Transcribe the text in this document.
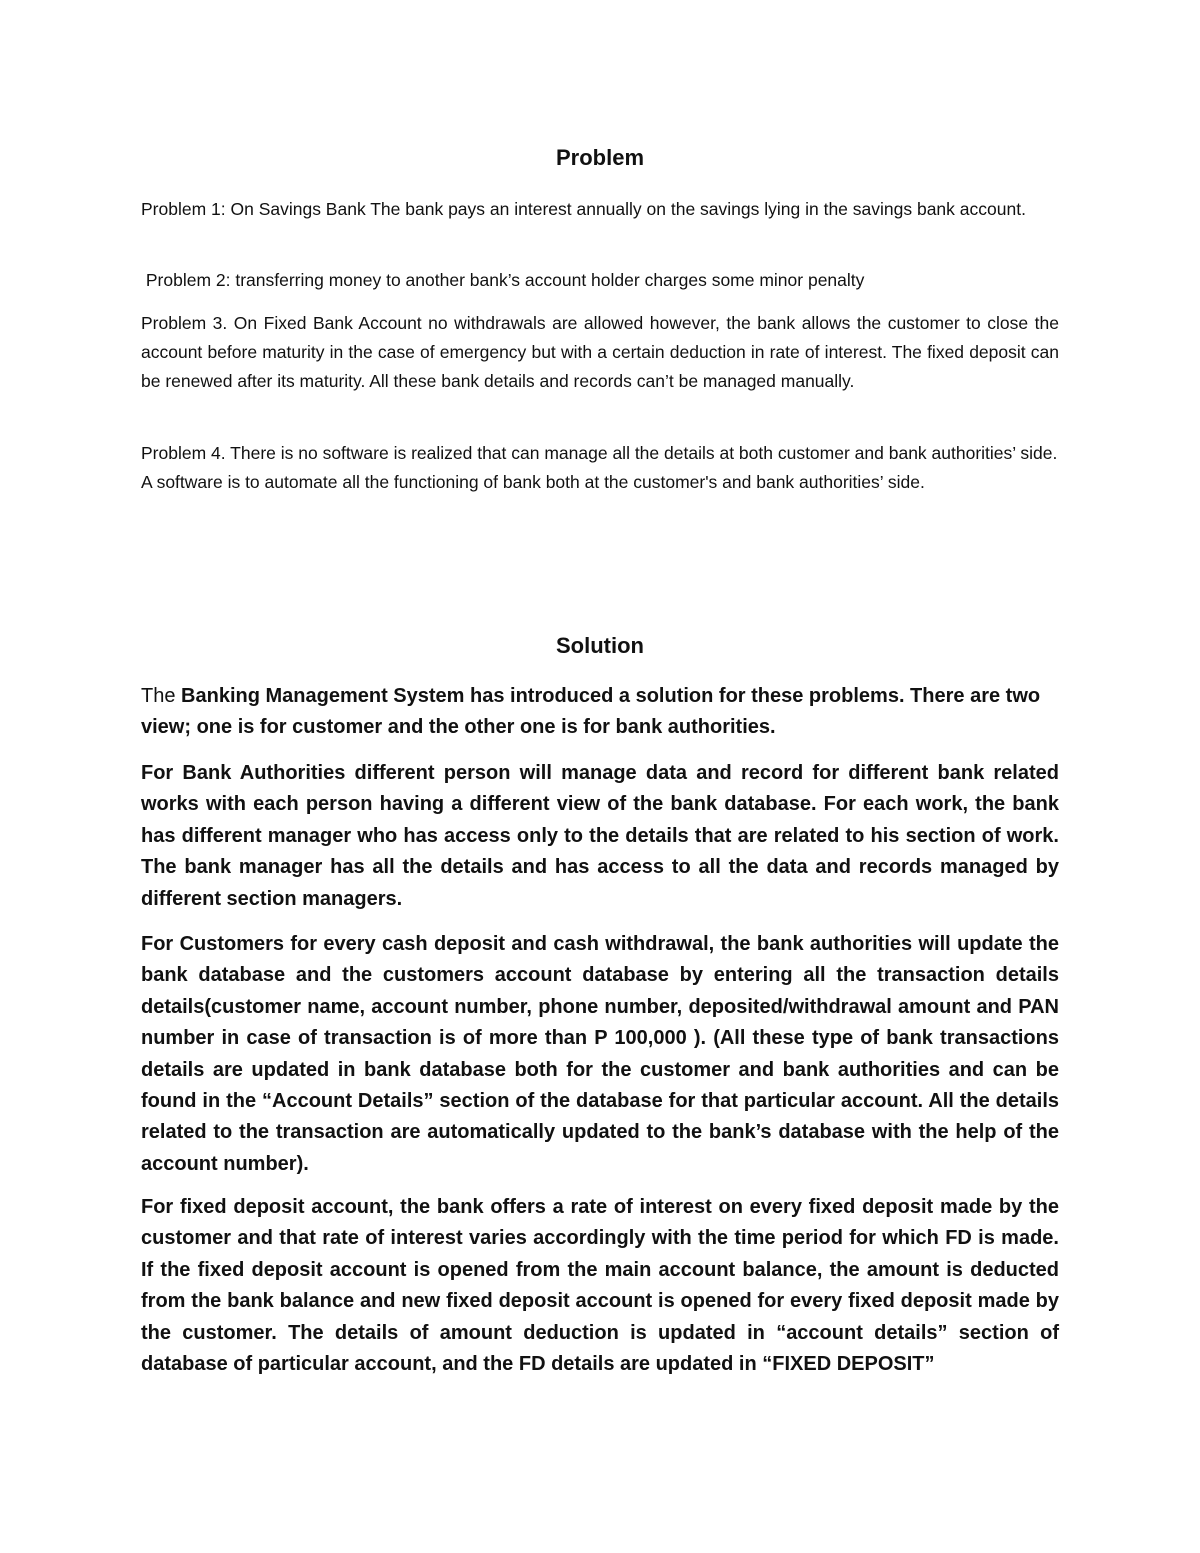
Problem

Problem 1: On Savings Bank The bank pays an interest annually on the savings lying in the savings bank account.

Problem 2: transferring money to another bank’s account holder charges some minor penalty

Problem 3. On Fixed Bank Account no withdrawals are allowed however, the bank allows the customer to close the account before maturity in the case of emergency but with a certain deduction in rate of interest. The fixed deposit can be renewed after its maturity. All these bank details and records can’t be managed manually.

Problem 4. There is no software is realized that can manage all the details at both customer and bank authorities’ side. A software is to automate all the functioning of bank both at the customer's and bank authorities’ side.

Solution

The Banking Management System has introduced a solution for these problems. There are two view; one is for customer and the other one is for bank authorities.

For Bank Authorities different person will manage data and record for different bank related works with each person having a different view of the bank database. For each work, the bank has different manager who has access only to the details that are related to his section of work. The bank manager has all the details and has access to all the data and records managed by different section managers.

For Customers for every cash deposit and cash withdrawal, the bank authorities will update the bank database and the customers account database by entering all the transaction details details(customer name, account number, phone number, deposited/withdrawal amount and PAN number in case of transaction is of more than P 100,000 ). (All these type of bank transactions details are updated in bank database both for the customer and bank authorities and can be found in the “Account Details” section of the database for that particular account. All the details related to the transaction are automatically updated to the bank’s database with the help of the account number).

For fixed deposit account, the bank offers a rate of interest on every fixed deposit made by the customer and that rate of interest varies accordingly with the time period for which FD is made. If the fixed deposit account is opened from the main account balance, the amount is deducted from the bank balance and new fixed deposit account is opened for every fixed deposit made by the customer. The details of amount deduction is updated in “account details” section of database of particular account, and the FD details are updated in “FIXED DEPOSIT”
